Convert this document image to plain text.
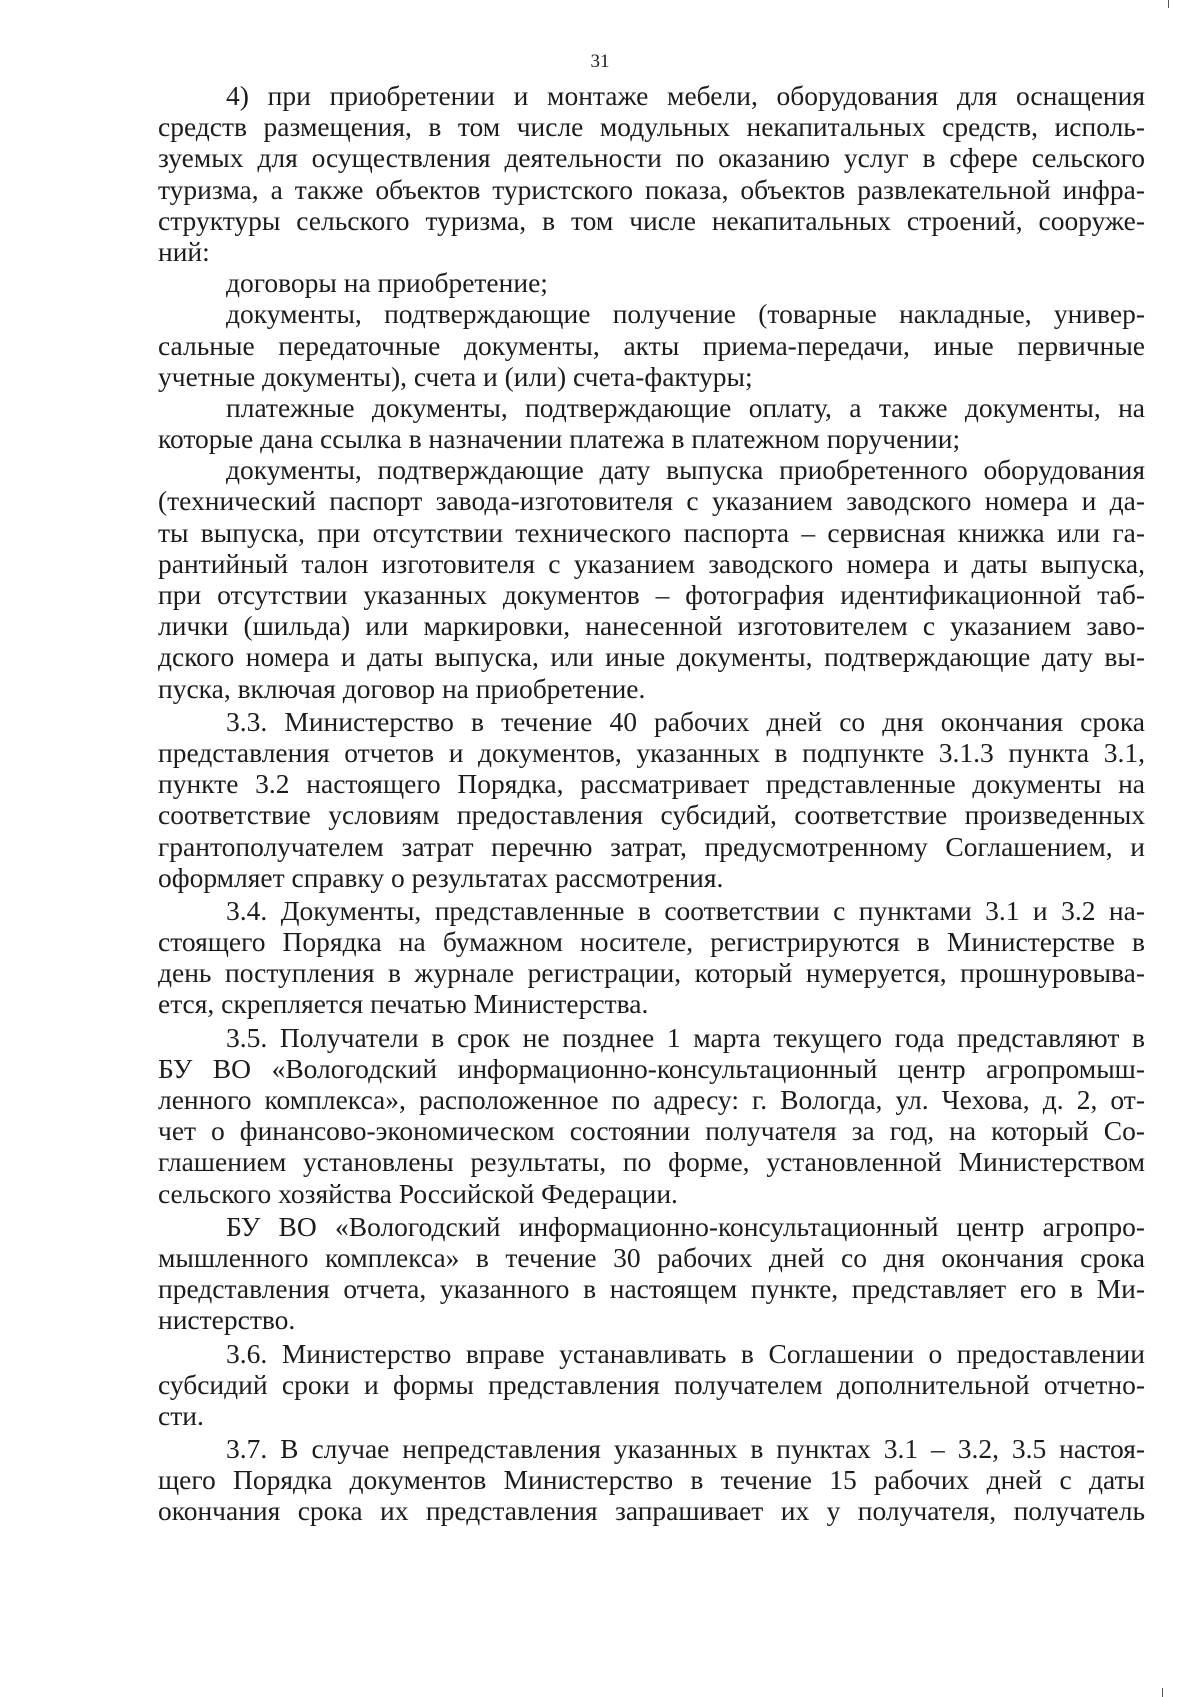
31

4) при приобретении и монтаже мебели, оборудования для оснащения
средств размещения, в том числе модульных некапитальных средств, исполь-
зуемых для осуществления деятельности по оказанию услуг в сфере сельского
туризма, а также объектов туристского показа, объектов развлекательной инфра-
структуры сельского туризма, в том числе некапитальных строений, сооруже-
ний:
договоры на приобретение;
документы, подтверждающие получение (товарные накладные, универ-
сальные передаточные документы, акты приема-передачи, иные первичные
учетные документы), счета и (или) счета-фактуры;
платежные документы, подтверждающие оплату, а также документы, на
которые дана ссылка в назначении платежа в платежном поручении;
документы, подтверждающие дату выпуска приобретенного оборудования
(технический паспорт завода-изготовителя с указанием заводского номера и да-
ты выпуска, при отсутствии технического паспорта – сервисная книжка или га-
рантийный талон изготовителя с указанием заводского номера и даты выпуска,
при отсутствии указанных документов – фотография идентификационной таб-
лички (шильда) или маркировки, нанесенной изготовителем с указанием заво-
дского номера и даты выпуска, или иные документы, подтверждающие дату вы-
пуска, включая договор на приобретение.
3.3. Министерство в течение 40 рабочих дней со дня окончания срока
представления отчетов и документов, указанных в подпункте 3.1.3 пункта 3.1,
пункте 3.2 настоящего Порядка, рассматривает представленные документы на
соответствие условиям предоставления субсидий, соответствие произведенных
грантополучателем затрат перечню затрат, предусмотренному Соглашением, и
оформляет справку о результатах рассмотрения.
3.4. Документы, представленные в соответствии с пунктами 3.1 и 3.2 на-
стоящего Порядка на бумажном носителе, регистрируются в Министерстве в
день поступления в журнале регистрации, который нумеруется, прошнуровыва-
ется, скрепляется печатью Министерства.
3.5. Получатели в срок не позднее 1 марта текущего года представляют в
БУ ВО «Вологодский информационно-консультационный центр агропромыш-
ленного комплекса», расположенное по адресу: г. Вологда, ул. Чехова, д. 2, от-
чет о финансово-экономическом состоянии получателя за год, на который Со-
глашением установлены результаты, по форме, установленной Министерством
сельского хозяйства Российской Федерации.
БУ ВО «Вологодский информационно-консультационный центр агропро-
мышленного комплекса» в течение 30 рабочих дней со дня окончания срока
представления отчета, указанного в настоящем пункте, представляет его в Ми-
нистерство.
3.6. Министерство вправе устанавливать в Соглашении о предоставлении
субсидий сроки и формы представления получателем дополнительной отчетно-
сти.
3.7. В случае непредставления указанных в пунктах 3.1 – 3.2, 3.5 настоя-
щего Порядка документов Министерство в течение 15 рабочих дней с даты
окончания срока их представления запрашивает их у получателя, получатель
